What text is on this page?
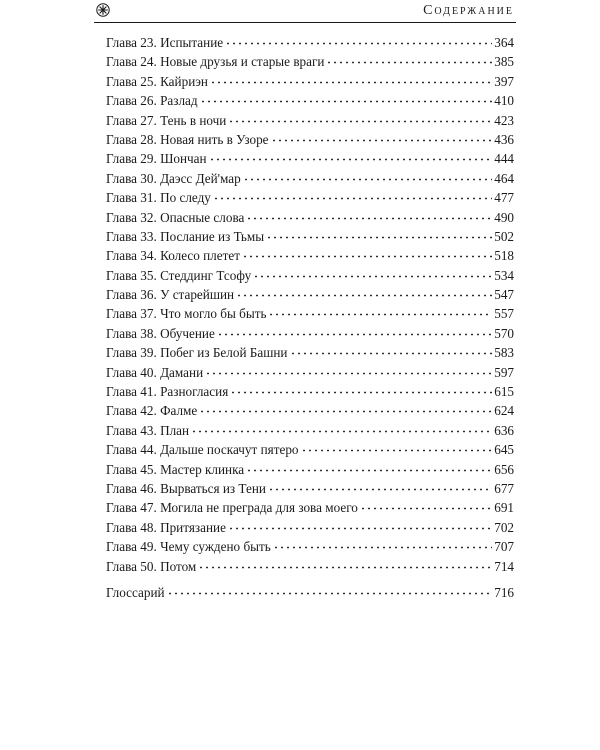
Содержание
Глава 23. Испытание	364
Глава 24. Новые друзья и старые враги	385
Глава 25. Кайриэн	397
Глава 26. Разлад	410
Глава 27. Тень в ночи	423
Глава 28. Новая нить в Узоре	436
Глава 29. Шончан	444
Глава 30. Даэсс Дей'мар	464
Глава 31. По следу	477
Глава 32. Опасные слова	490
Глава 33. Послание из Тьмы	502
Глава 34. Колесо плетет	518
Глава 35. Стеддинг Тсофу	534
Глава 36. У старейшин	547
Глава 37. Что могло бы быть	557
Глава 38. Обучение	570
Глава 39. Побег из Белой Башни	583
Глава 40. Дамани	597
Глава 41. Разногласия	615
Глава 42. Фалме	624
Глава 43. План	636
Глава 44. Дальше поскачут пятеро	645
Глава 45. Мастер клинка	656
Глава 46. Вырваться из Тени	677
Глава 47. Могила не преграда для зова моего	691
Глава 48. Притязание	702
Глава 49. Чему суждено быть	707
Глава 50. Потом	714
Глоссарий	716
